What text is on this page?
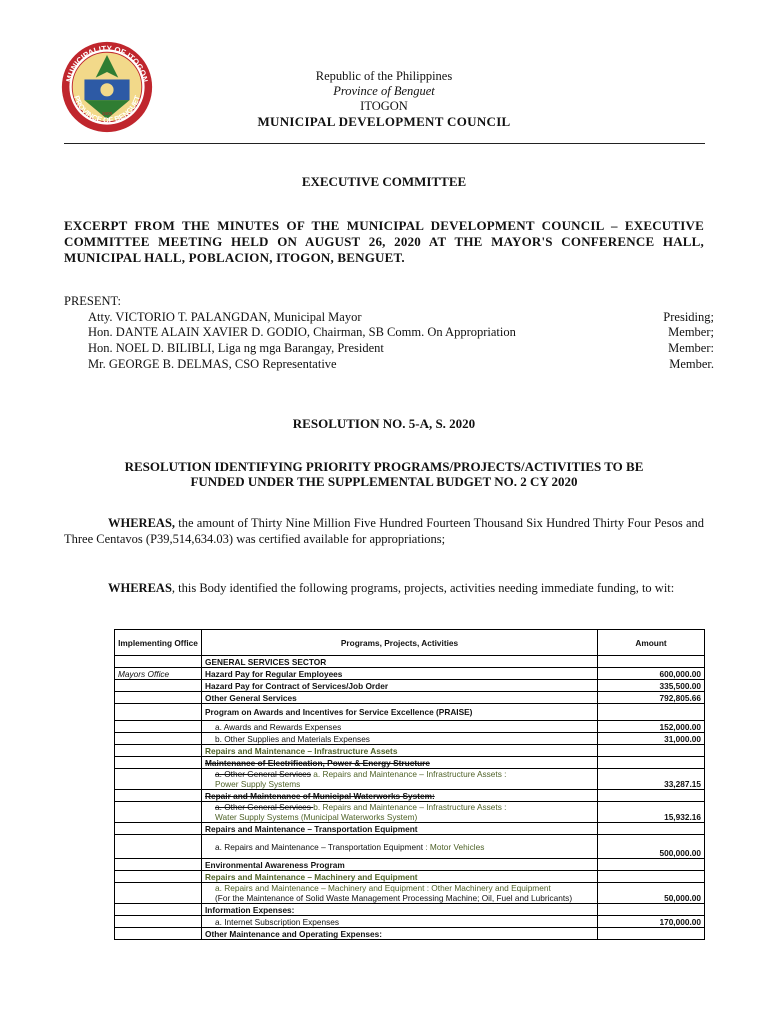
MUNICIPALITY OF ITOGON
PROVINCE OF BENGUET
1900
Republic of the Philippines
Province of Benguet
ITOGON
MUNICIPAL DEVELOPMENT COUNCIL
EXECUTIVE COMMITTEE
EXCERPT FROM THE MINUTES OF THE MUNICIPAL DEVELOPMENT COUNCIL – EXECUTIVE COMMITTEE MEETING HELD ON AUGUST 26, 2020 AT THE MAYOR'S CONFERENCE HALL, MUNICIPAL HALL, POBLACION, ITOGON, BENGUET.
PRESENT:
Atty. VICTORIO T. PALANGDAN, Municipal Mayor	Presiding;
Hon. DANTE ALAIN XAVIER D. GODIO, Chairman, SB Comm. On Appropriation	Member;
Hon. NOEL D. BILIBLI, Liga ng mga Barangay, President	Member:
Mr. GEORGE B. DELMAS, CSO Representative	Member.
RESOLUTION NO. 5-A, S. 2020
RESOLUTION IDENTIFYING PRIORITY PROGRAMS/PROJECTS/ACTIVITIES TO BE
FUNDED UNDER THE SUPPLEMENTAL BUDGET NO. 2 CY 2020
WHEREAS, the amount of Thirty Nine Million Five Hundred Fourteen Thousand Six Hundred Thirty Four Pesos and Three Centavos (P39,514,634.03) was certified available for appropriations;
WHEREAS, this Body identified the following programs, projects, activities needing immediate funding, to wit:
Implementing Office	Programs, Projects, Activities	Amount
	GENERAL SERVICES SECTOR	
Mayors Office	Hazard Pay for Regular Employees	600,000.00
	Hazard Pay for Contract of Services/Job Order	335,500.00
	Other General Services	792,805.66
	Program on Awards and Incentives for Service Excellence (PRAISE)	
	a. Awards and Rewards Expenses	152,000.00
	b. Other Supplies and Materials Expenses	31,000.00
	Repairs and Maintenance – Infrastructure Assets	
	Maintenance of Electrification, Power & Energy Structure	
	a. Other General Services a. Repairs and Maintenance – Infrastructure Assets :
Power Supply Systems	33,287.15
	Repair and Maintenance of Municipal Waterworks System:	
	a. Other General Services b. Repairs and Maintenance – Infrastructure Assets :
Water Supply Systems (Municipal Waterworks System)	15,932.16
	Repairs and Maintenance – Transportation Equipment	
	a. Repairs and Maintenance – Transportation Equipment : Motor Vehicles	500,000.00
	Environmental Awareness Program	
	Repairs and Maintenance – Machinery and Equipment	
	a. Repairs and Maintenance – Machinery and Equipment : Other Machinery and Equipment
(For the Maintenance of Solid Waste Management Processing Machine; Oil, Fuel and Lubricants)	50,000.00
	Information Expenses:	
	a. Internet Subscription Expenses	170,000.00
	Other Maintenance and Operating Expenses:	
